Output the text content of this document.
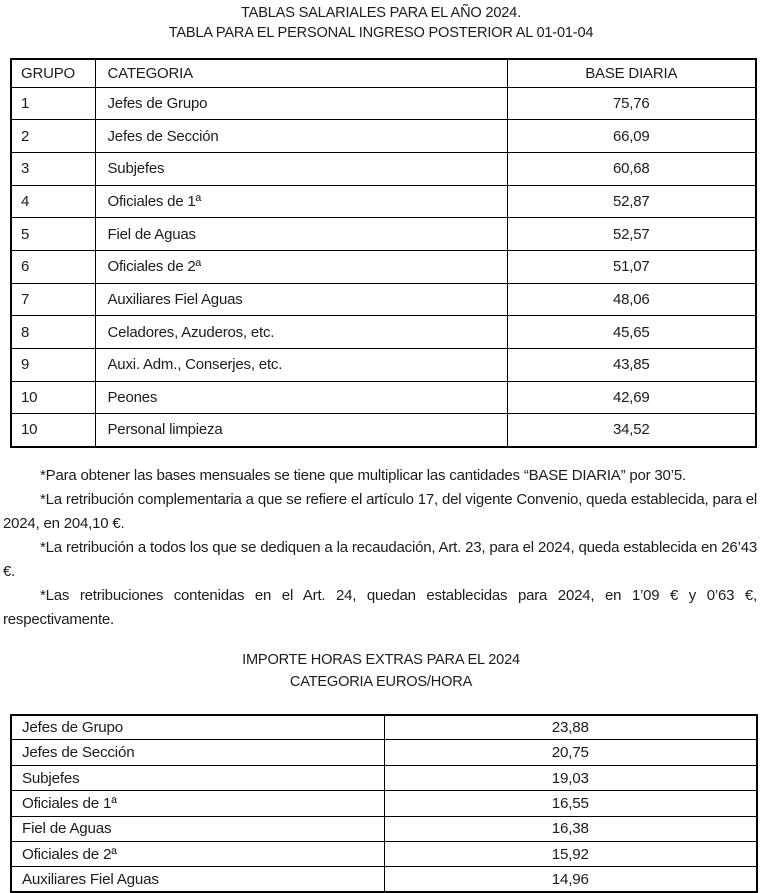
TABLAS SALARIALES PARA EL AÑO 2024.
TABLA PARA EL PERSONAL INGRESO POSTERIOR AL 01-01-04
GRUPO	CATEGORIA	BASE DIARIA
1	Jefes de Grupo	75,76
2	Jefes de Sección	66,09
3	Subjefes	60,68
4	Oficiales de 1ª	52,87
5	Fiel de Aguas	52,57
6	Oficiales de 2ª	51,07
7	Auxiliares Fiel Aguas	48,06
8	Celadores, Azuderos, etc.	45,65
9	Auxi. Adm., Conserjes, etc.	43,85
10	Peones	42,69
10	Personal limpieza	34,52

*Para obtener las bases mensuales se tiene que multiplicar las cantidades “BASE DIARIA” por 30’5.

*La retribución complementaria a que se refiere el artículo 17, del vigente Convenio, queda establecida, para el 2024, en 204,10 €.

*La retribución a todos los que se dediquen a la recaudación, Art. 23, para el 2024, queda establecida en 26’43 €.

*Las retribuciones contenidas en el Art. 24, quedan establecidas para 2024, en 1’09 € y 0’63 €, respectivamente.

IMPORTE HORAS EXTRAS PARA EL 2024
CATEGORIA EUROS/HORA
Jefes de Grupo	23,88
Jefes de Sección	20,75
Subjefes	19,03
Oficiales de 1ª	16,55
Fiel de Aguas	16,38
Oficiales de 2ª	15,92
Auxiliares Fiel Aguas	14,96
